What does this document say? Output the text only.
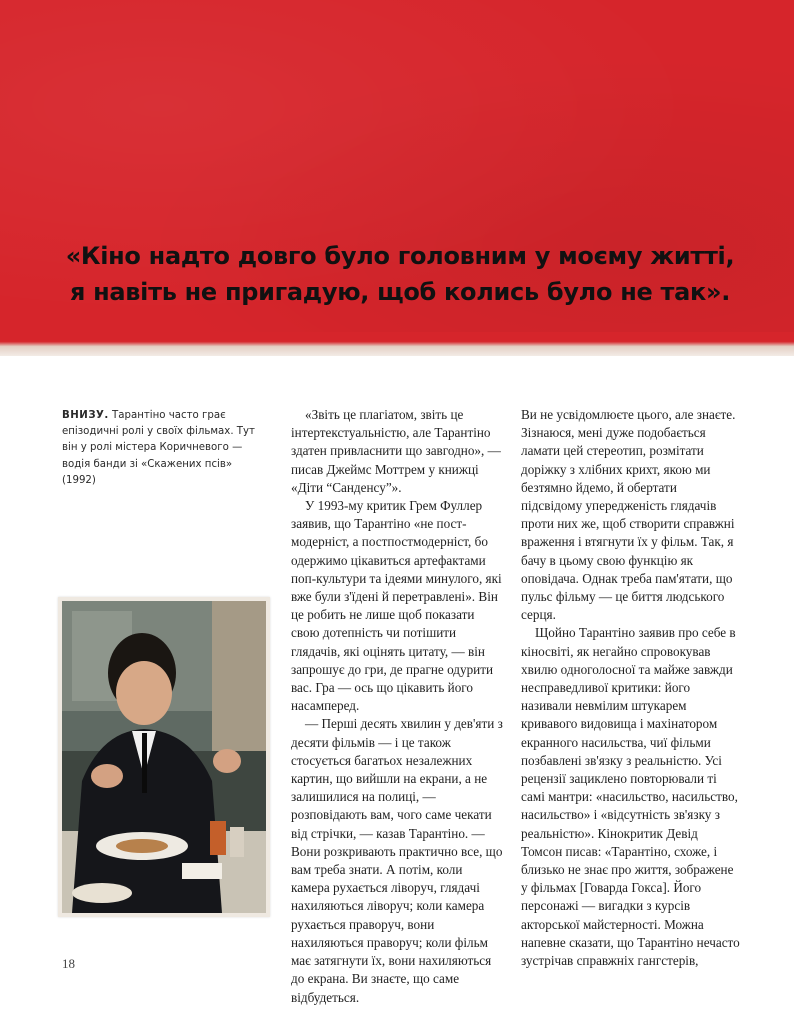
«Кіно надто довго було головним у моєму житті,
я навіть не пригадую, щоб колись було не так».
ВНИЗУ. Тарантіно часто грає епізодичні ролі у своїх фільмах. Тут він у ролі містера Коричневого — водія банди зі «Скажених псів» (1992)

«Звіть це плагіатом, звіть це інтертекстуальністю, але Тарантіно здатен привласнити що завгодно», — писав Джеймс Моттрем у книжці «Діти “Санденсу”».

У 1993-му критик Грем Фуллер заявив, що Тарантіно «не пост-модерніст, а постпостмодерніст, бо одержимо цікавиться артефактами поп-культури та ідеями минулого, які вже були з'їдені й перетравлені». Він це робить не лише щоб показати свою дотепність чи потішити глядачів, які оцінять цитату, — він запрошує до гри, де прагне одурити вас. Гра — ось що цікавить його насамперед.

— Перші десять хвилин у дев'яти з десяти фільмів — і це також стосується багатьох незалежних картин, що вийшли на екрани, а не залишилися на полиці, — розповідають вам, чого саме чекати від стрічки, — казав Тарантіно. — Вони розкривають практично все, що вам треба знати. А потім, коли камера рухається ліворуч, глядачі нахиляються ліворуч; коли камера рухається праворуч, вони нахиляються праворуч; коли фільм має затягнути їх, вони нахиляються до екрана. Ви знаєте, що саме відбудеться.

Ви не усвідомлюєте цього, але знаєте. Зізнаюся, мені дуже подобається ламати цей стереотип, розмітати доріжку з хлібних крихт, якою ми безтямно йдемо, й обертати підсвідому упередженість глядачів проти них же, щоб створити справжні враження і втягнути їх у фільм. Так, я бачу в цьому свою функцію як оповідача. Однак треба пам'ятати, що пульс фільму — це биття людського серця.

Щойно Тарантіно заявив про себе в кіносвіті, як негайно спровокував хвилю одноголосної та майже завжди несправедливої критики: його називали невмілим штукарем кривавого видовища і махінатором екранного насильства, чиї фільми позбавлені зв'язку з реальністю. Усі рецензії зациклено повторювали ті самі мантри: «насильство, насильство, насильство» і «відсутність зв'язку з реальністю». Кінокритик Девід Томсон писав: «Тарантіно, схоже, і близько не знає про життя, зображене у фільмах [Говарда Гокса]. Його персонажі — вигадки з курсів акторської майстерності. Можна напевне сказати, що Тарантіно нечасто зустрічав справжніх гангстерів,

18
